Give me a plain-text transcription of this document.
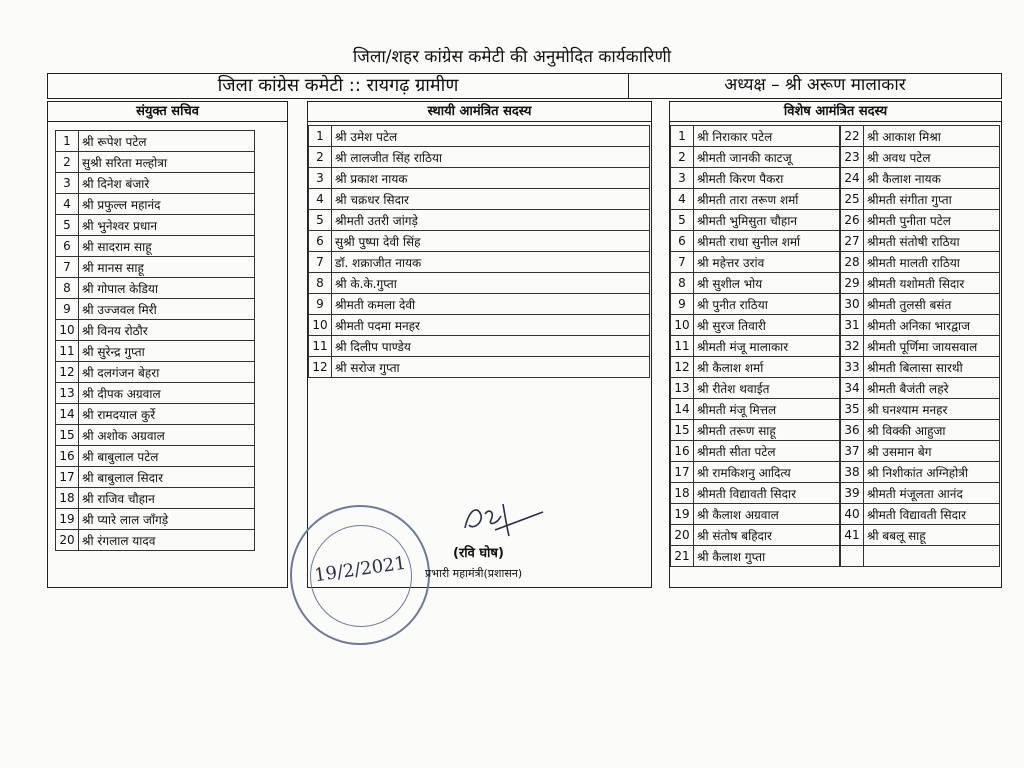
जिला/शहर कांग्रेस कमेटी की अनुमोदित कार्यकारिणी
जिला कांग्रेस कमेटी :: रायगढ़ ग्रामीण	अध्यक्ष – श्री अरूण मालाकार
संयुक्त सचिव
1	श्री रूपेश पटेल
2	सुश्री सरिता मल्होत्रा
3	श्री दिनेश बंजारे
4	श्री प्रफुल्ल महानंद
5	श्री भुनेश्वर प्रधान
6	श्री सादराम साहू
7	श्री मानस साहू
8	श्री गोपाल केडिया
9	श्री उज्जवल मिरी
10	श्री विनय रोठौर
11	श्री सुरेन्द्र गुप्ता
12	श्री दलगंजन बेहरा
13	श्री दीपक अग्रवाल
14	श्री रामदयाल कुर्रे
15	श्री अशोक अग्रवाल
16	श्री बाबुलाल पटेल
17	श्री बाबुलाल सिदार
18	श्री राजिव चौहान
19	श्री प्यारे लाल जाँगड़े
20	श्री रंगलाल यादव
स्थायी आमंत्रित सदस्य
1	श्री उमेश पटेल
2	श्री लालजीत सिंह राठिया
3	श्री प्रकाश नायक
4	श्री चक्रधर सिदार
5	श्रीमती उतरी जांगड़े
6	सुश्री पुष्पा देवी सिंह
7	डॉ. शक्राजीत नायक
8	श्री के.के.गुप्ता
9	श्रीमती कमला देवी
10	श्रीमती पदमा मनहर
11	श्री दिलीप पाण्डेय
12	श्री सरोज गुप्ता
विशेष आमंत्रित सदस्य
1	श्री निराकार पटेल
2	श्रीमती जानकी काटजू
3	श्रीमती किरण पैकरा
4	श्रीमती तारा तरूण शर्मा
5	श्रीमती भुमिसुता चौहान
6	श्रीमती राधा सुनील शर्मा
7	श्री महेत्तर उरांव
8	श्री सुशील भोय
9	श्री पुनीत राठिया
10	श्री सुरज तिवारी
11	श्रीमती मंजू मालाकार
12	श्री कैलाश शर्मा
13	श्री रीतेश थवाईत
14	श्रीमती मंजू मित्तल
15	श्रीमती तरूण साहू
16	श्रीमती सीता पटेल
17	श्री रामकिशनु आदित्य
18	श्रीमती विद्यावती सिदार
19	श्री कैलाश अग्रवाल
20	श्री संतोष बहिदार
21	श्री कैलाश गुप्ता
22	श्री आकाश मिश्रा
23	श्री अवध पटेल
24	श्री कैलाश नायक
25	श्रीमती संगीता गुप्ता
26	श्रीमती पुनीता पटेल
27	श्रीमती संतोषी राठिया
28	श्रीमती मालती राठिया
29	श्रीमती यशोमती सिदार
30	श्रीमती तुलसी बसंत
31	श्रीमती अनिका भारद्वाज
32	श्रीमती पूर्णिमा जायसवाल
33	श्रीमती बिलासा सारथी
34	श्रीमती बैजंती लहरे
35	श्री घनश्याम मनहर
36	श्री विक्की आहुजा
37	श्री उसमान बेग
38	श्री निशीकांत अग्निहोत्री
39	श्रीमती मंजूलता आनंद
40	श्रीमती विद्यावती सिदार
41	श्री बबलू साहू

19/2/2021	(रवि घोष)
प्रभारी महामंत्री(प्रशासन)
